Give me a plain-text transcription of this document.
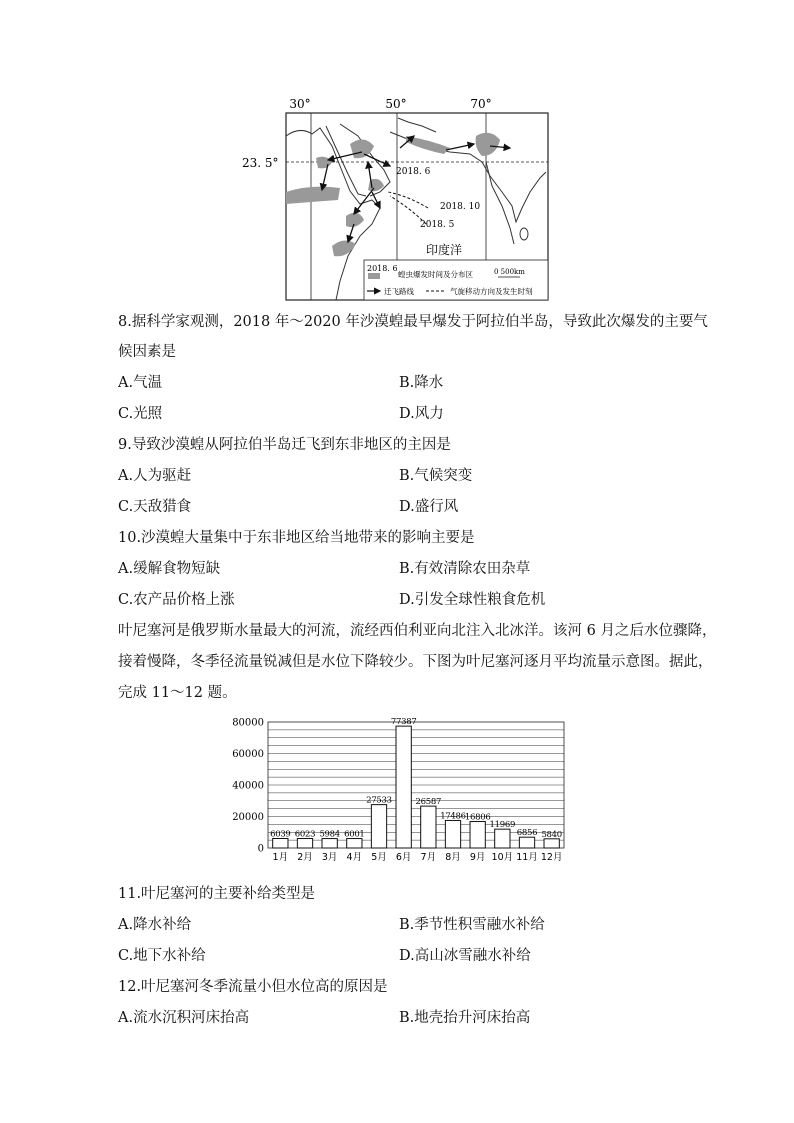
30°	50°	70°
23. 5°
2018. 6
2018. 10
2018. 5
印度洋
2018. 6
蝗虫爆发时间及分布区	0 500km
迁飞路线	气旋移动方向及发生时刻
8.据科学家观测，2018 年～2020 年沙漠蝗最早爆发于阿拉伯半岛，导致此次爆发的主要气
候因素是
A.气温	B.降水
C.光照	D.风力
9.导致沙漠蝗从阿拉伯半岛迁飞到东非地区的主因是
A.人为驱赶	B.气候突变
C.天敌猎食	D.盛行风
10.沙漠蝗大量集中于东非地区给当地带来的影响主要是
A.缓解食物短缺	B.有效清除农田杂草
C.农产品价格上涨	D.引发全球性粮食危机
叶尼塞河是俄罗斯水量最大的河流，流经西伯利亚向北注入北冰洋。该河 6 月之后水位骤降，
接着慢降，冬季径流量锐减但是水位下降较少。下图为叶尼塞河逐月平均流量示意图。据此，
完成 11～12 题。
0
20000
40000
60000
80000
6039
1月
6023
2月
5984
3月
6001
4月
27533
5月
77387
6月
26587
7月
17486
8月
16806
9月
11969
10月
6856
11月
5840
12月
11.叶尼塞河的主要补给类型是
A.降水补给	B.季节性积雪融水补给
C.地下水补给	D.高山冰雪融水补给
12.叶尼塞河冬季流量小但水位高的原因是
A.流水沉积河床抬高	B.地壳抬升河床抬高
